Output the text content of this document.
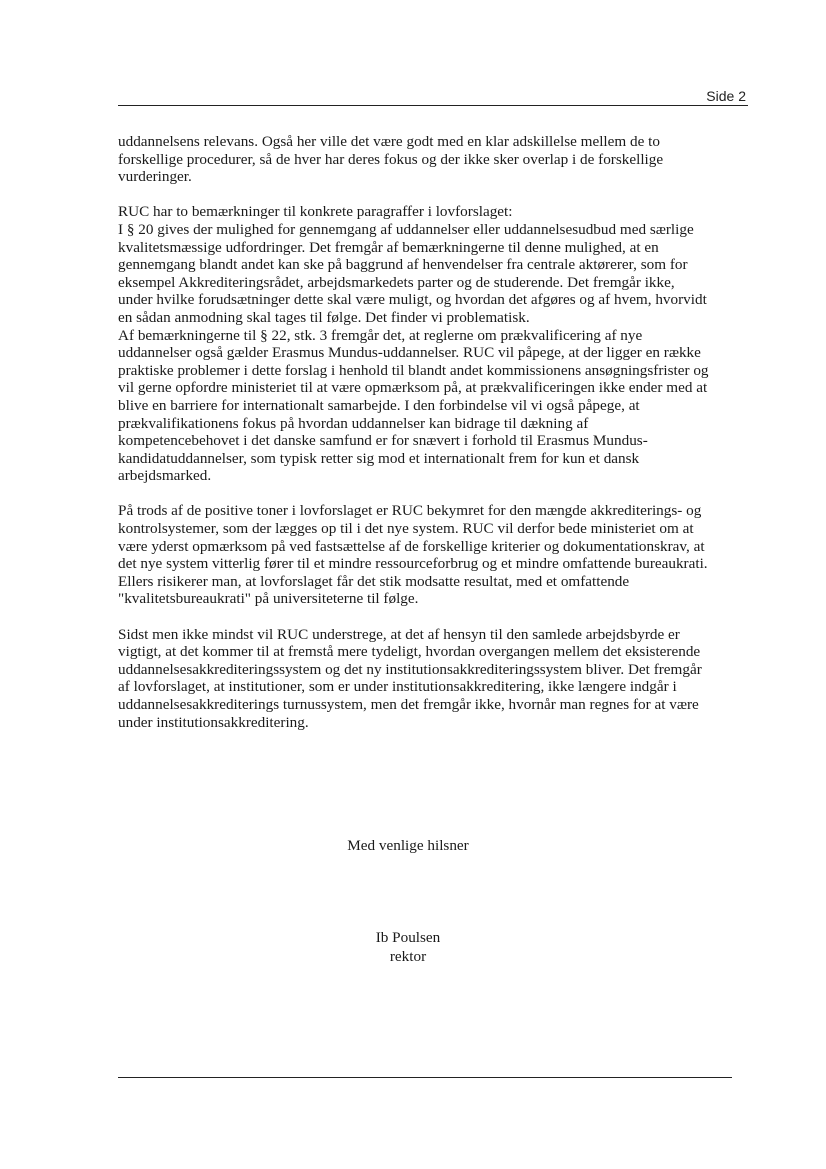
Side 2

uddannelsens relevans. Også her ville det være godt med en klar adskillelse mellem de to
forskellige procedurer, så de hver har deres fokus og der ikke sker overlap i de forskellige
vurderinger.

RUC har to bemærkninger til konkrete paragraffer i lovforslaget:
I § 20 gives der mulighed for gennemgang af uddannelser eller uddannelsesudbud med særlige
kvalitetsmæssige udfordringer. Det fremgår af bemærkningerne til denne mulighed, at en
gennemgang blandt andet kan ske på baggrund af henvendelser fra centrale aktørerer, som for
eksempel Akkrediteringsrådet, arbejdsmarkedets parter og de studerende. Det fremgår ikke,
under hvilke forudsætninger dette skal være muligt, og hvordan det afgøres og af hvem, hvorvidt
en sådan anmodning skal tages til følge. Det finder vi problematisk.
Af bemærkningerne til § 22, stk. 3 fremgår det, at reglerne om prækvalificering af nye
uddannelser også gælder Erasmus Mundus-uddannelser. RUC vil påpege, at der ligger en række
praktiske problemer i dette forslag i henhold til blandt andet kommissionens ansøgningsfrister og
vil gerne opfordre ministeriet til at være opmærksom på, at prækvalificeringen ikke ender med at
blive en barriere for internationalt samarbejde. I den forbindelse vil vi også påpege, at
prækvalifikationens fokus på hvordan uddannelser kan bidrage til dækning af
kompetencebehovet i det danske samfund er for snævert i forhold til Erasmus Mundus-
kandidatuddannelser, som typisk retter sig mod et internationalt frem for kun et dansk
arbejdsmarked.

På trods af de positive toner i lovforslaget er RUC bekymret for den mængde akkrediterings- og
kontrolsystemer, som der lægges op til i det nye system. RUC vil derfor bede ministeriet om at
være yderst opmærksom på ved fastsættelse af de forskellige kriterier og dokumentationskrav, at
det nye system vitterlig fører til et mindre ressourceforbrug og et mindre omfattende bureaukrati.
Ellers risikerer man, at lovforslaget får det stik modsatte resultat, med et omfattende
"kvalitetsbureaukrati" på universiteterne til følge.

Sidst men ikke mindst vil RUC understrege, at det af hensyn til den samlede arbejdsbyrde er
vigtigt, at det kommer til at fremstå mere tydeligt, hvordan overgangen mellem det eksisterende
uddannelsesakkrediteringssystem og det ny institutionsakkrediteringssystem bliver. Det fremgår
af lovforslaget, at institutioner, som er under institutionsakkreditering, ikke længere indgår i
uddannelsesakkrediterings turnussystem, men det fremgår ikke, hvornår man regnes for at være
under institutionsakkreditering.

Med venlige hilsner
Ib Poulsen
rektor
